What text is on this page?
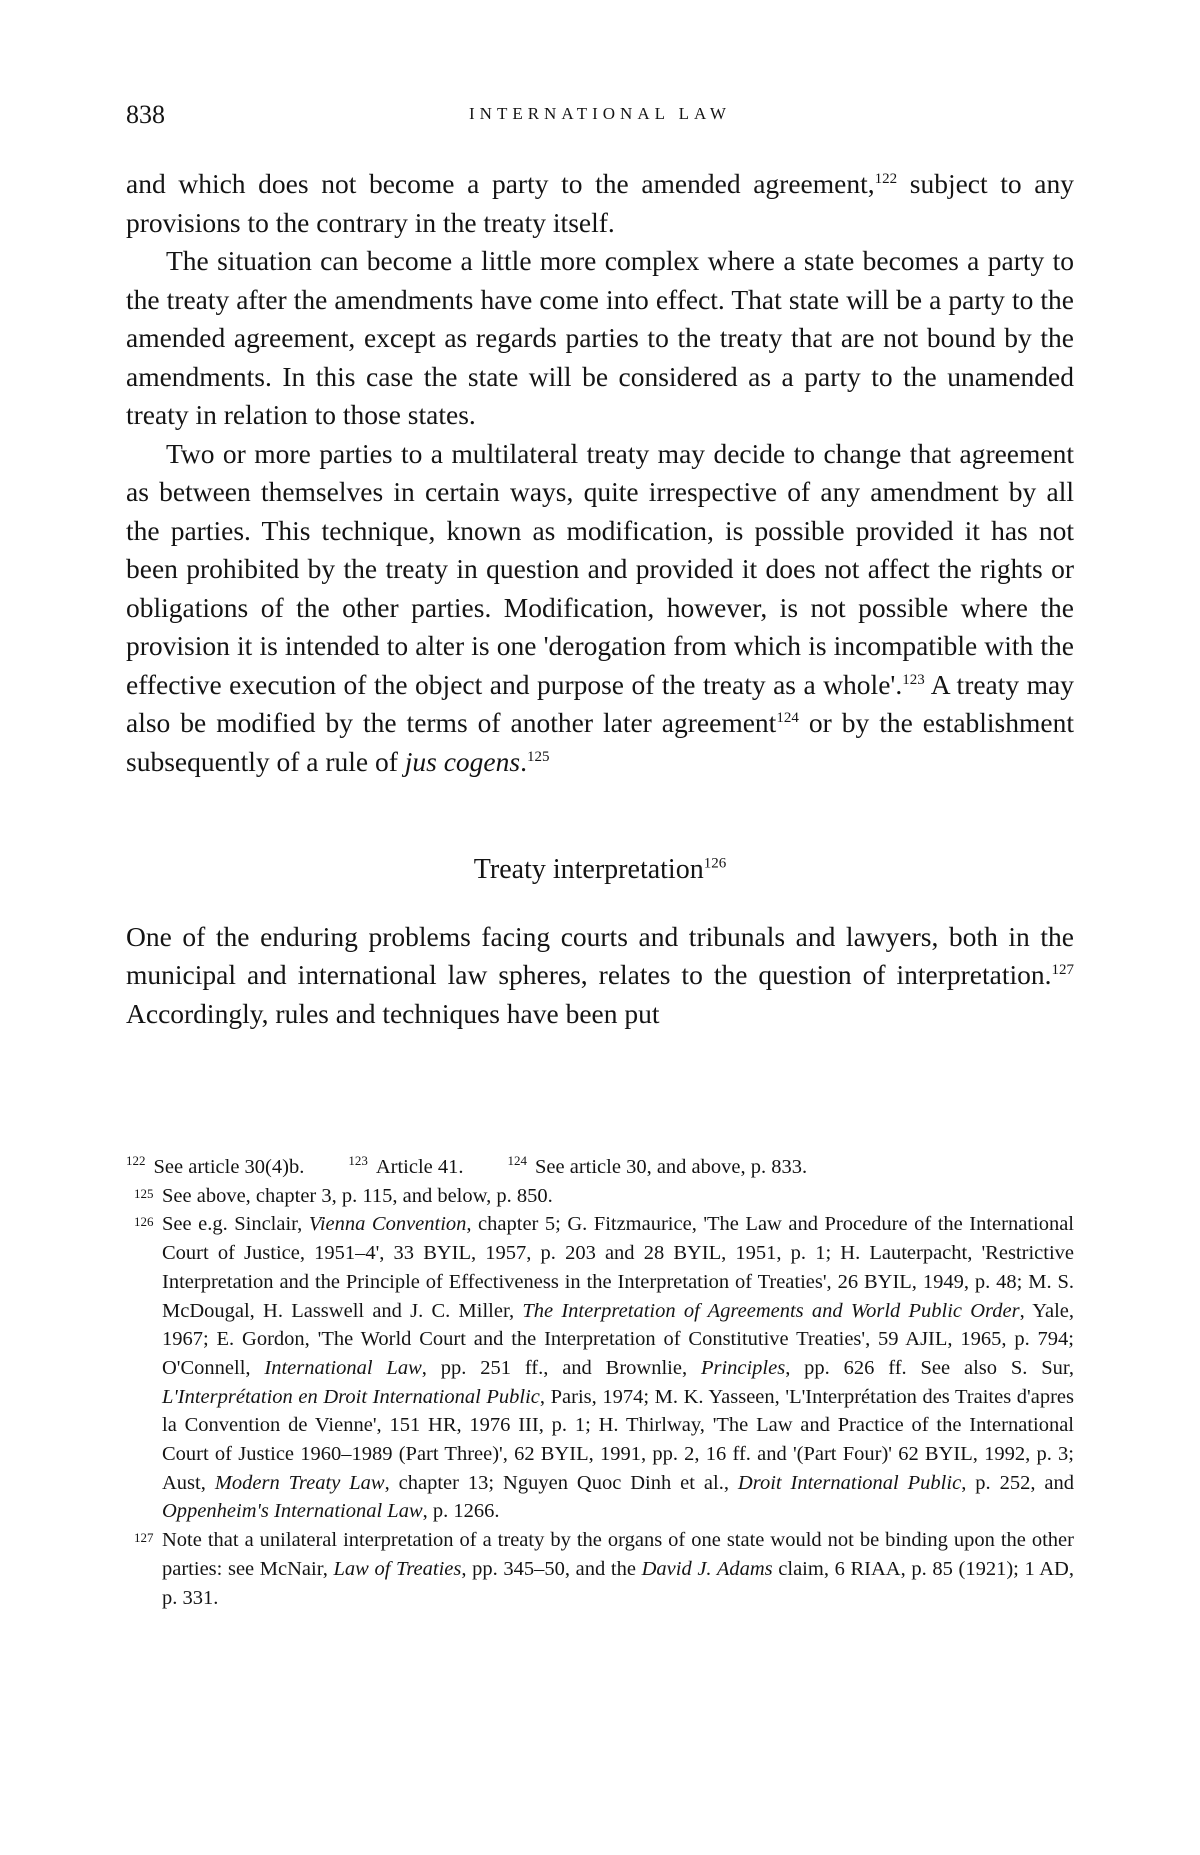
838	INTERNATIONAL LAW

and which does not become a party to the amended agreement,$^{122}$ subject to any provisions to the contrary in the treaty itself.

The situation can become a little more complex where a state becomes a party to the treaty after the amendments have come into effect. That state will be a party to the amended agreement, except as regards parties to the treaty that are not bound by the amendments. In this case the state will be considered as a party to the unamended treaty in relation to those states.

Two or more parties to a multilateral treaty may decide to change that agreement as between themselves in certain ways, quite irrespective of any amendment by all the parties. This technique, known as modification, is possible provided it has not been prohibited by the treaty in question and provided it does not affect the rights or obligations of the other parties. Modification, however, is not possible where the provision it is intended to alter is one 'derogation from which is incompatible with the effective execution of the object and purpose of the treaty as a whole'.$^{123}$ A treaty may also be modified by the terms of another later agreement$^{124}$ or by the establishment subsequently of a rule of jus cogens.$^{125}$

Treaty interpretation$^{126}$

One of the enduring problems facing courts and tribunals and lawyers, both in the municipal and international law spheres, relates to the question of interpretation.$^{127}$ Accordingly, rules and techniques have been put

$^{122}$ See article 30(4)b.	$^{123}$ Article 41.	$^{124}$ See article 30, and above, p. 833.
125 See above, chapter 3, p. 115, and below, p. 850.
126 See e.g. Sinclair, Vienna Convention, chapter 5; G. Fitzmaurice, 'The Law and Procedure of the International Court of Justice, 1951–4', 33 BYIL, 1957, p. 203 and 28 BYIL, 1951, p. 1; H. Lauterpacht, 'Restrictive Interpretation and the Principle of Effectiveness in the Interpretation of Treaties', 26 BYIL, 1949, p. 48; M. S. McDougal, H. Lasswell and J. C. Miller, The Interpretation of Agreements and World Public Order, Yale, 1967; E. Gordon, 'The World Court and the Interpretation of Constitutive Treaties', 59 AJIL, 1965, p. 794; O'Connell, International Law, pp. 251 ff., and Brownlie, Principles, pp. 626 ff. See also S. Sur, L'Interprétation en Droit International Public, Paris, 1974; M. K. Yasseen, 'L'Interprétation des Traites d'apres la Convention de Vienne', 151 HR, 1976 III, p. 1; H. Thirlway, 'The Law and Practice of the International Court of Justice 1960–1989 (Part Three)', 62 BYIL, 1991, pp. 2, 16 ff. and '(Part Four)' 62 BYIL, 1992, p. 3; Aust, Modern Treaty Law, chapter 13; Nguyen Quoc Dinh et al., Droit International Public, p. 252, and Oppenheim's International Law, p. 1266.
127 Note that a unilateral interpretation of a treaty by the organs of one state would not be binding upon the other parties: see McNair, Law of Treaties, pp. 345–50, and the David J. Adams claim, 6 RIAA, p. 85 (1921); 1 AD, p. 331.
